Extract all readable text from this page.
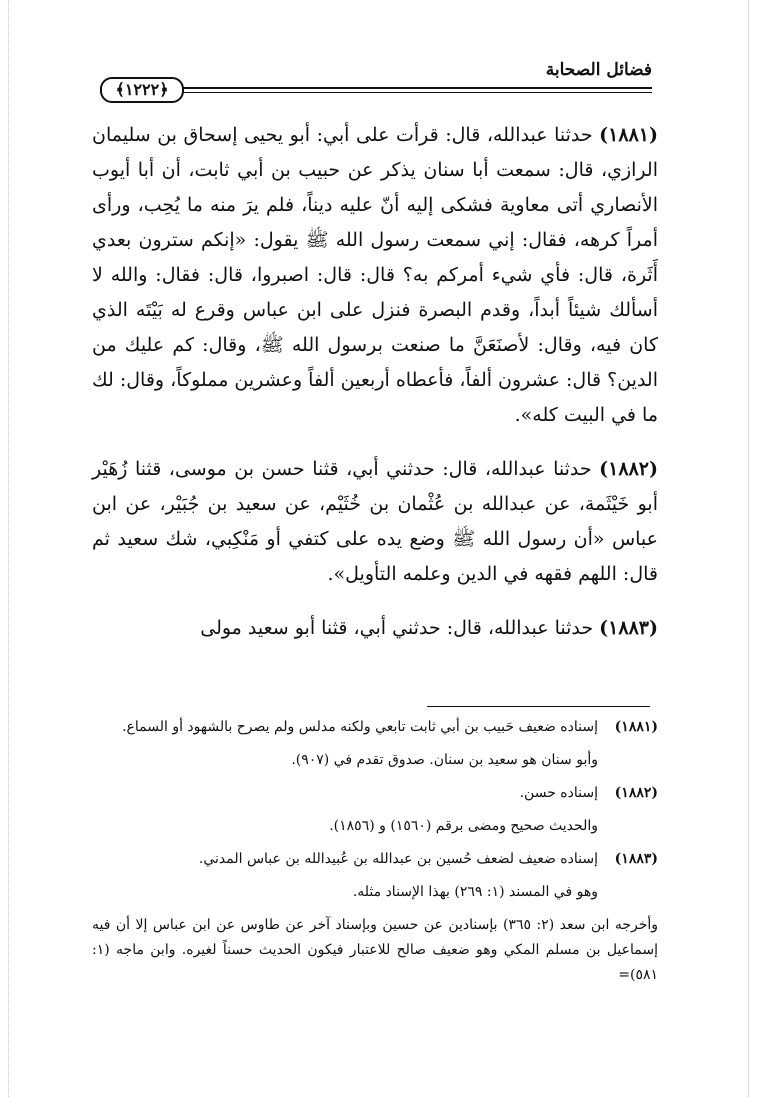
فضائل الصحابة
﴿١٢٢٢﴾

(١٨٨١) حدثنا عبدالله، قال: قرأت على أبي: أبو يحيى إسحاق بن سليمان الرازي، قال: سمعت أبا سنان يذكر عن حبيب بن أبي ثابت، أن أبا أيوب الأنصاري أتى معاوية فشكى إليه أنّ عليه ديناً، فلم يرَ منه ما يُحِب، ورأى أمراً كرهه، فقال: إني سمعت رسول الله ﷺ يقول: «إنكم سترون بعدي أَثَرة، قال: فأي شيء أمركم به؟ قال: قال: اصبروا، قال: فقال: والله لا أسألك شيئاً أبداً، وقدم البصرة فنزل على ابن عباس وقرع له بَيْتَه الذي كان فيه، وقال: لأصنَعَنَّ ما صنعت برسول الله ﷺ، وقال: كم عليك من الدين؟ قال: عشرون ألفاً، فأعطاه أربعين ألفاً وعشرين مملوكاً، وقال: لك ما في البيت كله».

(١٨٨٢) حدثنا عبدالله، قال: حدثني أبي، قثنا حسن بن موسى، قثنا زُهَيْر أبو خَيْثَمة، عن عبدالله بن عُثْمان بن خُثَيْم، عن سعيد بن جُبَيْر، عن ابن عباس «أن رسول الله ﷺ وضع يده على كتفي أو مَنْكِبي، شك سعيد ثم قال: اللهم فقهه في الدين وعلمه التأويل».

(١٨٨٣) حدثنا عبدالله، قال: حدثني أبي، قثنا أبو سعيد مولى

(١٨٨١)
إسناده ضعيف حَبيب بن أبي ثابت تابعي ولكنه مدلس ولم يصرح بالشهود أو السماع.
وأبو سنان هو سعيد بن سنان. صدوق تقدم في (٩٠٧).
(١٨٨٢)
إسناده حسن.
والحديث صحيح ومضى برقم (١٥٦٠) و (١٨٥٦).
(١٨٨٣)
إسناده ضعيف لضعف حُسين بن عبدالله بن عُبيدالله بن عباس المدني.
وهو في المسند (١: ٢٦٩) بهذا الإسناد مثله.
وأخرجه ابن سعد (٢: ٣٦٥) بإسنادين عن حسين وبإسناد آخر عن طاوس عن ابن عباس إلا أن فيه إسماعيل بن مسلم المكي وهو ضعيف صالح للاعتبار فيكون الحديث حسناً لغيره. وابن ماجه (١: ٥٨١)=
